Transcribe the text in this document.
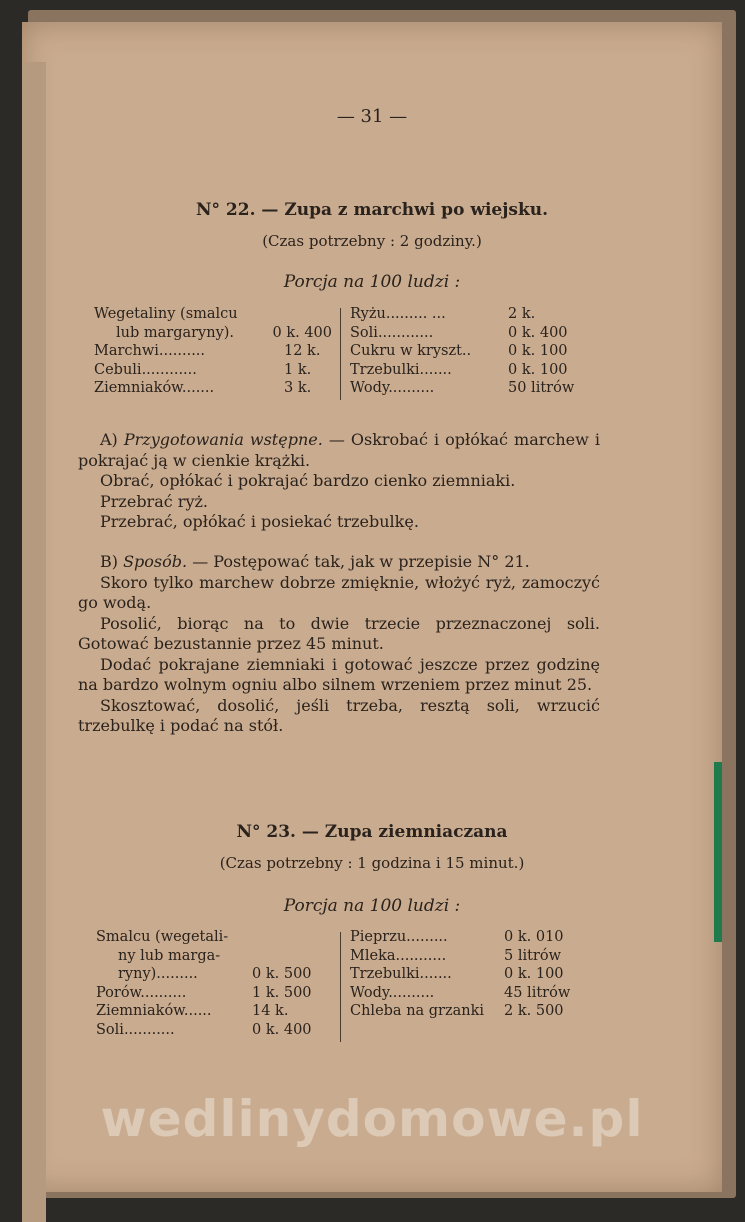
— 31 —
N° 22. — Zupa z marchwi po wiejsku.
(Czas potrzebny : 2 godziny.)
Porcja na 100 ludzi :
Wegetaliny (smalcu
lub margaryny).	0 k. 400
Marchwi..........	12 k.
Cebuli............	1 k.
Ziemniaków.......	3 k.
Ryżu......... ...	2 k.
Soli............	0 k. 400
Cukru w kryszt..	0 k. 100
Trzebulki.......	0 k. 100
Wody..........	50 litrów

A) Przygotowania wstępne. — Oskrobać i opłókać marchew i pokrajać ją w cienkie krążki.

Obrać, opłókać i pokrajać bardzo cienko ziemniaki.

Przebrać ryż.

Przebrać, opłókać i posiekać trzebulkę.

B) Sposób. — Postępować tak, jak w przepisie N° 21.

Skoro tylko marchew dobrze zmięknie, włożyć ryż, zamoczyć go wodą.

Posolić, biorąc na to dwie trzecie przeznaczonej soli. Gotować bezustannie przez 45 minut.

Dodać pokrajane ziemniaki i gotować jeszcze przez godzinę na bardzo wolnym ogniu albo silnem wrzeniem przez minut 25.

Skosztować, dosolić, jeśli trzeba, resztą soli, wrzucić trzebulkę i podać na stół.

N° 23. — Zupa ziemniaczana
(Czas potrzebny : 1 godzina i 15 minut.)
Porcja na 100 ludzi :
Smalcu (wegetali-
ny lub marga-
ryny).........	0 k. 500
Porów..........	1 k. 500
Ziemniaków......	14 k.
Soli...........	0 k. 400
Pieprzu.........	0 k. 010
Mleka...........	5 litrów
Trzebulki.......	0 k. 100
Wody..........	45 litrów
Chleba na grzanki	2 k. 500
wedlinydomowe.pl
